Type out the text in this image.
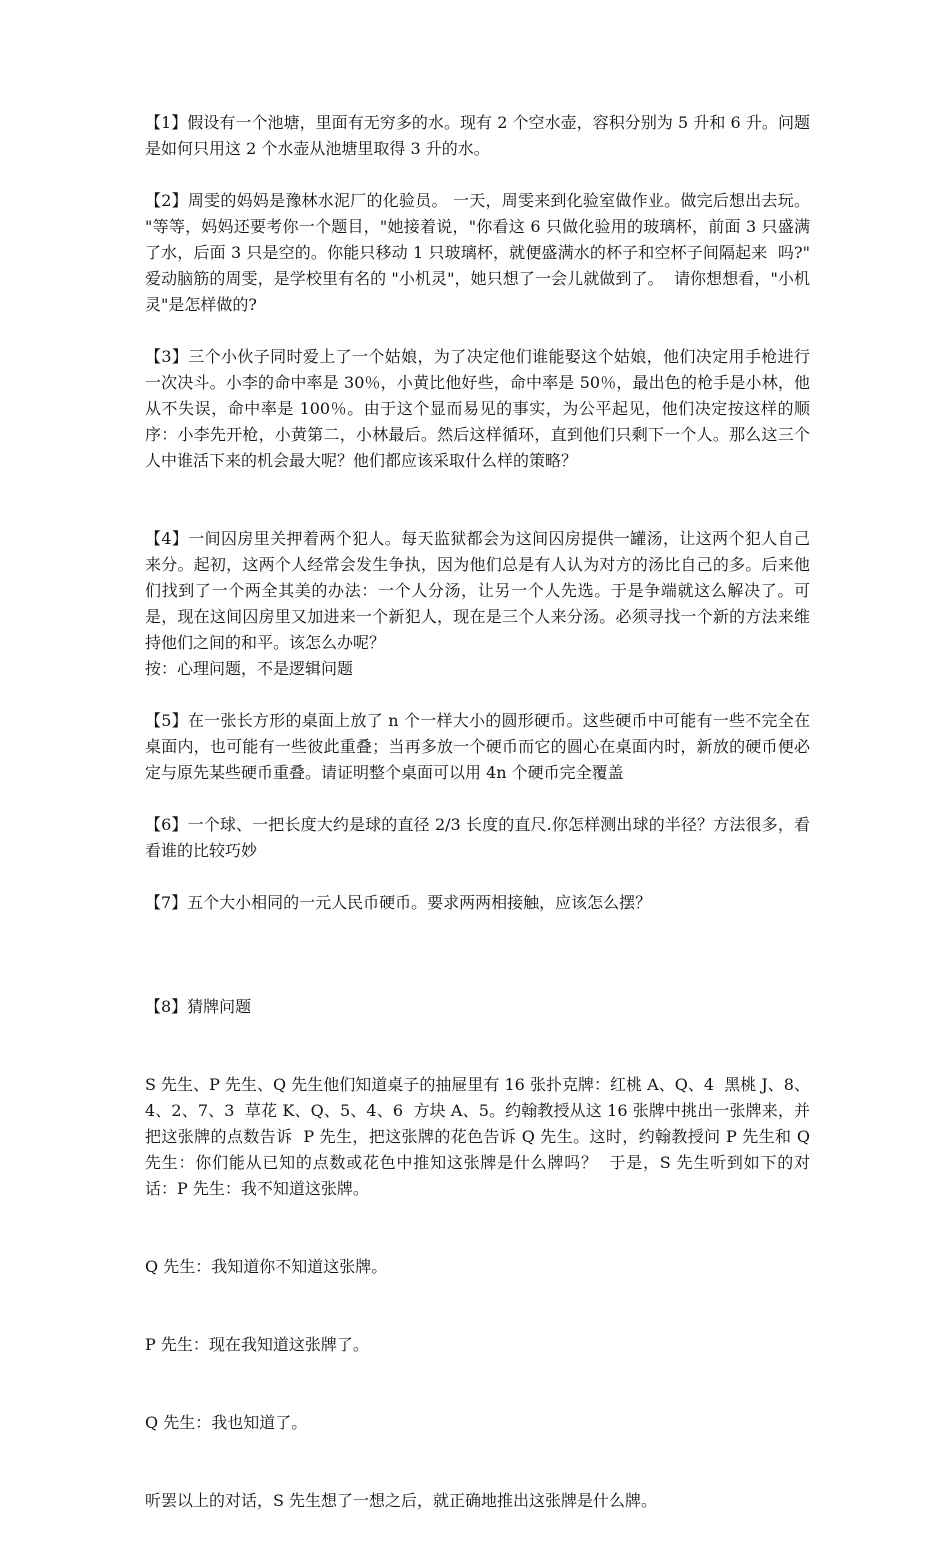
【1】假设有一个池塘，里面有无穷多的水。现有 2 个空水壶，容积分别为 5 升和 6 升。问题是如何只用这 2 个水壶从池塘里取得 3 升的水。

【2】周雯的妈妈是豫林水泥厂的化验员。 一天，周雯来到化验室做作业。做完后想出去玩。 "等等，妈妈还要考你一个题目，"她接着说，"你看这 6 只做化验用的玻璃杯，前面 3 只盛满了水，后面 3 只是空的。你能只移动 1 只玻璃杯，就便盛满水的杯子和空杯子间隔起来  吗?" 爱动脑筋的周雯，是学校里有名的 "小机灵"，她只想了一会儿就做到了。  请你想想看，"小机灵"是怎样做的?

【3】三个小伙子同时爱上了一个姑娘，为了决定他们谁能娶这个姑娘，他们决定用手枪进行一次决斗。小李的命中率是 30％，小黄比他好些，命中率是 50％，最出色的枪手是小林，他从不失误，命中率是 100％。由于这个显而易见的事实，为公平起见，他们决定按这样的顺序：小李先开枪，小黄第二，小林最后。然后这样循环，直到他们只剩下一个人。那么这三个人中谁活下来的机会最大呢？他们都应该采取什么样的策略？

【4】一间囚房里关押着两个犯人。每天监狱都会为这间囚房提供一罐汤，让这两个犯人自己来分。起初，这两个人经常会发生争执，因为他们总是有人认为对方的汤比自己的多。后来他们找到了一个两全其美的办法：一个人分汤，让另一个人先选。于是争端就这么解决了。可是，现在这间囚房里又加进来一个新犯人，现在是三个人来分汤。必须寻找一个新的方法来维持他们之间的和平。该怎么办呢？

按：心理问题，不是逻辑问题

【5】在一张长方形的桌面上放了 n 个一样大小的圆形硬币。这些硬币中可能有一些不完全在桌面内，也可能有一些彼此重叠；当再多放一个硬币而它的圆心在桌面内时，新放的硬币便必定与原先某些硬币重叠。请证明整个桌面可以用 4n 个硬币完全覆盖

【6】一个球、一把长度大约是球的直径 2/3 长度的直尺.你怎样测出球的半径？方法很多，看看谁的比较巧妙

【7】五个大小相同的一元人民币硬币。要求两两相接触，应该怎么摆？

【8】猜牌问题

S 先生、P 先生、Q 先生他们知道桌子的抽屉里有 16 张扑克牌：红桃 A、Q、4  黑桃 J、8、4、2、7、3  草花 K、Q、5、4、6  方块 A、5。约翰教授从这 16 张牌中挑出一张牌来，并把这张牌的点数告诉  P 先生，把这张牌的花色告诉 Q 先生。这时，约翰教授问 P 先生和 Q  先生：你们能从已知的点数或花色中推知这张牌是什么牌吗？  于是，S 先生听到如下的对话：P 先生：我不知道这张牌。

Q 先生：我知道你不知道这张牌。

P 先生：现在我知道这张牌了。

Q 先生：我也知道了。

听罢以上的对话，S 先生想了一想之后，就正确地推出这张牌是什么牌。
